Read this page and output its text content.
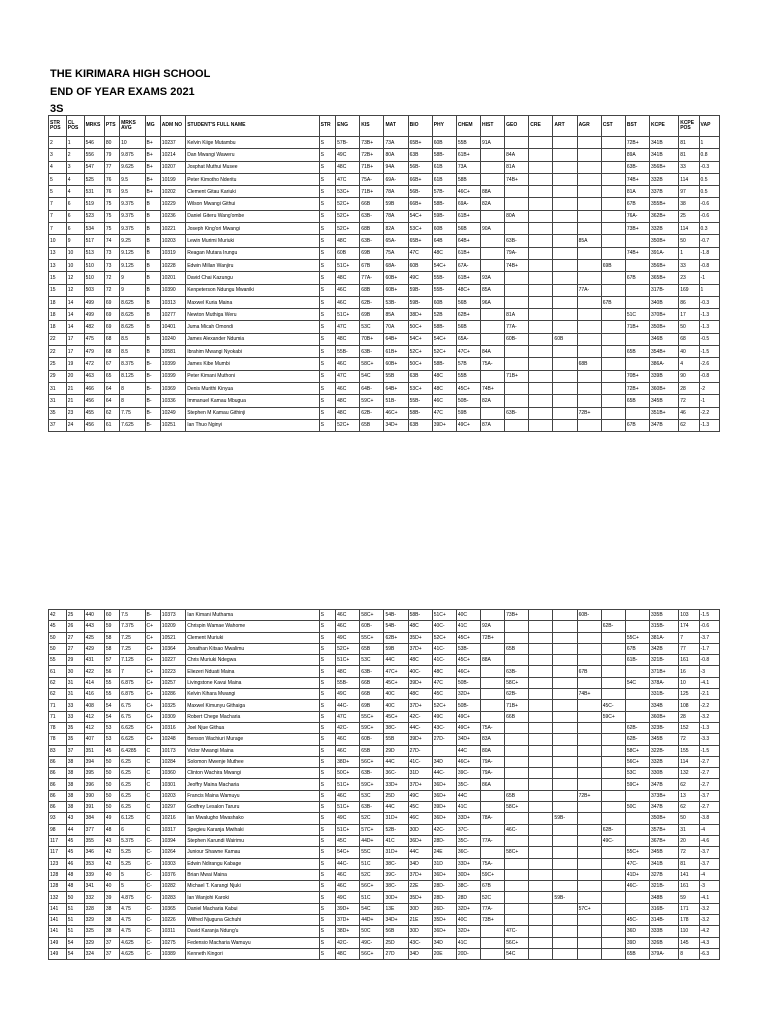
THE KIRIMARA HIGH SCHOOL
END OF YEAR EXAMS 2021
3S
STR POS	CL POS	MRKS	PTS	MRKS AVG	MG	ADM NO	STUDENT'S FULL NAME	STR	ENG	KIS	MAT	BIO	PHY	CHEM	HIST	GEO	CRE	ART	AGR	CST	BST	KCPE	KCPE POS	VAP
2	1	546	80	10	B+	10237	Kelvin Kiige Mutambu	S	57B-	73B+	73A	65B+	60B	55B	91A						72B+	341B	81	1
3	2	556	79	9.875	B+	10214	Dan Mwangi Waweru	S	49C	72B+	80A	63B	58B-	61B+		84A					89A	341B	81	0.8
4	3	547	77	9.625	B+	10207	Josphat Muthui Musee	S	48C	71B+	94A	56B-	61B	73A		81A					63B-	356B+	33	-0.3
5	4	525	76	9.5	B+	10199	Peter Kimotho Nderitu	S	47C	75A-	69A-	66B+	61B	58B		74B+					74B+	332B	114	0.5
5	4	531	76	9.5	B+	10202	Clement Gitau Kariuki	S	53C+	71B+	78A	56B-	57B-	46C+	88A						81A	337B	97	0.5
7	6	519	75	9.375	B	10229	Wilson Mwangi Githui	S	52C+	66B	59B	66B+	58B-	69A-	82A						67B	355B+	38	-0.6
7	6	523	75	9.375	B	10236	Daniel Giteru Wang'ombe	S	52C+	63B-	78A	54C+	59B-	61B+		80A					76A-	362B+	25	-0.6
7	6	534	75	9.375	B	10221	Joseph King'ori Mwangi	S	52C+	68B	82A	53C+	60B	56B	90A						73B+	332B	114	0.3
10	9	517	74	9.25	B	10203	Lewin Murimi Muriuki	S	48C	63B-	65A-	65B+	64B	64B+		63B-			85A			350B+	50	-0.7
13	10	513	73	9.125	B	10319	Reagan Mutara Irungu	S	60B	69B	75A	47C	48C	61B+		79A-					74B+	391A-	1	-1.8
13	10	510	73	9.125	B	10228	Edwin Millan Wanjiru	S	51C+	67B	68A-	60B	54C+	67A-		74B+				69B		356B+	33	-0.8
15	12	510	72	9	B	10201	David Chai Kazungu	S	48C	77A-	60B+	49C	55B-	61B+	93A						67B	365B+	23	-1
15	12	503	72	9	B	10390	Kenpeterson Ndungu Mwaniki	S	46C	68B	60B+	59B-	55B-	48C+	85A				77A-			317B-	169	1
18	14	499	69	8.625	B	10313	Maxwel Kuria Maina	S	46C	62B-	53B-	59B-	60B	56B	96A					67B		340B	86	-0.3
18	14	499	69	8.625	B	10277	Newton Muthiga Weru	S	51C+	69B	85A	38D+	52B	62B+		81A					51C	370B+	17	-1.3
18	14	482	69	8.625	B	10401	Juma Micah Omondi	S	47C	53C	70A	50C+	58B-	56B		77A-					71B+	350B+	50	-1.3
22	17	475	68	8.5	B	10240	James Alexander Ndumia	S	48C	70B+	64B+	54C+	54C+	65A-		60B-		60B				346B	68	-0.5
22	17	479	68	8.5	B	10581	Ibrahim Mwangi Nyokabi	S	55B-	63B-	61B+	52C+	52C+	47C+	84A						65B	354B+	40	-1.5
25	19	472	67	8.375	B-	10399	James Kibe Mumbi	S	46C	58C+	60B+	50C+	58B-	57B	75A-				68B			386A-	4	-2.6
29	20	463	65	8.125	B-	10399	Peter Kimani Muthoni	S	47C	54C	55B	63B	48C	55B		71B+					70B+	339B	90	-0.8
31	21	466	64	8	B-	10369	Denis Murithi Kinyua	S	46C	64B-	64B+	53C+	48C	45C+	74B+						72B+	360B+	28	-2
31	21	456	64	8	B-	10336	Immanuel Kamau Mbugua	S	48C	59C+	51B-	55B-	46C	50B-	82A						65B	345B	72	-1
35	23	455	62	7.75	B-	10249	Stephen M Kamau Githinji	S	48C	62B-	46C+	58B-	47C	59B		63B-			72B+			351B+	46	-2.2
37	24	456	61	7.625	B-	10251	Ian Thuo Nginyi	S	52C+	65B	34D+	63B	39D+	49C+	87A						67B	347B	62	-1.3
42	25	440	60	7.5	B-	10373	Ian Kimani Muthama	S	46C	58C+	54B-	58B-	51C+	40C		73B+			60B-			335B	103	-1.5
45	26	443	59	7.375	C+	10209	Chrispin Wamae Wahome	S	46C	60B-	54B-	48C	40C-	41C	92A					62B-		315B-	174	-0.6
50	27	425	58	7.25	C+	10521	Clement Muriuki	S	49C	55C+	62B+	35D+	52C+	45C+	72B+						55C+	381A-	7	-3.7
50	27	429	58	7.25	C+	10364	Jonathan Kitsao Mwalimu	S	52C+	65B	59B	37D+	41C-	53B-		65B					67B	342B	77	-1.7
55	29	431	57	7.125	C+	10227	Chris Muriuki Ndegwa	S	51C+	53C	44C	48C	41C-	45C+	88A						61B-	321B-	161	-0.8
61	30	422	56	7	C+	10223	Eliezeri Nduati Maina	S	48C	63B-	47C+	40C-	48C	46C+		63B-			67B			371B+	16	-3
62	31	414	55	6.875	C+	10257	Livingstone Kavui Maina	S	55B-	66B	45C+	39D+	47C	50B-		58C+					54C	378A-	10	-4.1
62	31	416	55	6.875	C+	10286	Kelvin Kihara Mwangi	S	49C	66B	40C	48C	45C	32D+		62B-			74B+			331B-	125	-2.1
71	33	408	54	6.75	C+	10325	Maxwel Kimunyu Githaiga	S	44C-	69B	40C	37D+	52C+	50B-		71B+				45C-		334B	108	-2.2
71	33	412	54	6.75	C+	10309	Robert Chege Macharia	S	47C	55C+	45C+	42C-	49C	49C+		66B				59C+		360B+	28	-3.2
78	35	412	53	6.625	C+	10316	Joel Njue Githua	S	42C-	59C+	38C-	44C-	43C-	49C+	75A-						62B-	323B-	152	-1.3
78	35	407	53	6.625	C+	10248	Benson Wachiuri Murage	S	46C	60B-	55B	39D+	27D-	34D+	83A						62B-	345B	72	-3.3
83	37	351	45	6.4285	C	10173	Victor Mwangi Maina	S	46C	65B	29D	27D-		44C	80A						58C+	322B-	155	-1.5
86	38	394	50	6.25	C	10284	Solomon Mwenje Muthee	S	38D+	56C+	44C	41C-	34D	46C+	79A-						56C+	332B	114	-2.7
86	38	395	50	6.25	C	10360	Clinton Wachira Mwangi	S	50C+	63B-	36C-	31D	44C-	39C-	79A-						53C	330B	132	-2.7
86	38	396	50	6.25	C	10301	Jeoffry Maina Macharia	S	51C+	59C+	33D+	37D+	36D+	35C-	86A						59C+	347B	62	-2.7
86	38	390	50	6.25	C	10203	Francis Maina Wamuyu	S	46C	53C	25D	49C	36D+	44C		65B			72B+			373B+	13	-3.7
86	38	391	50	6.25	C	10297	Godfrey Lesalon Taruru	S	51C+	63B-	44C	45C	39D+	41C		58C+					50C	347B	62	-2.7
93	43	384	49	6.125	C	10216	Ian Mwalugho Mwashako	S	49C	52C	31D+	46C	36D+	33D+	78A-			59B-				350B+	50	-3.8
98	44	377	48	6	C	10317	Spegieu Karanja Mwihaki	S	51C+	57C+	52B-	30D	42C-	37C-		46C-				62B-		357B+	31	-4
117	45	355	43	5.375	C-	10394	Stephen Karundi Wairimu	S	45C	44D+	41C	36D+	28D-	35C-	77A-					49C-		367B+	20	-4.6
117	45	346	42	5.25	C-	10264	Juniour Shawne Kamau	S	54C+	55C	31D+	44C	24E	36C-		58C+					55C+	345B	72	-3.7
123	46	353	42	5.25	C-	10303	Edwin Ndirangu Kabage	S	44C-	51C	38C-	34D	31D	33D+	75A-						47C-	341B	81	-3.7
128	48	339	40	5	C-	10376	Brian Mwai Maina	S	46C	52C	39C-	37D+	36D+	30D+	59C+						41D+	327B	141	-4
128	48	341	40	5	C-	10282	Michael T. Karangi Njuki	S	46C	56C+	38C-	22E	28D-	38C-	67B						46C-	321B-	161	-3
132	50	332	39	4.875	C-	10283	Ian Wanjohi Karoki	S	49C	51C	30D+	35D+	28D-	28D	52C			59B-				348B	59	-4.1
141	51	328	38	4.75	C-	10365	Daniel Macharia Kabui	S	39D+	54C	13E	30D	26D-	32D+	77A-				57C+			316B-	171	-3.2
141	51	329	38	4.75	C-	10226	Wilfred Njuguna Gichuhi	S	37D+	44D+	34D+	21E	35D+	40C	73B+						45C-	314B-	178	-3.2
141	51	325	38	4.75	C-	10311	David Karanja Ndung'u	S	38D+	50C	56B	30D	36D+	32D+		47C-					36D	333B	110	-4.2
149	54	329	37	4.625	C-	10275	Fedensio Macharia Wamuyu	S	42C-	49C-	25D	43C-	34D	41C		56C+					39D	326B	145	-4.3
149	54	324	37	4.625	C-	10389	Kenneth Kingori	S	48C	56C+	27D	34D	20E	20D-		54C					65B	379A-	8	-6.3
